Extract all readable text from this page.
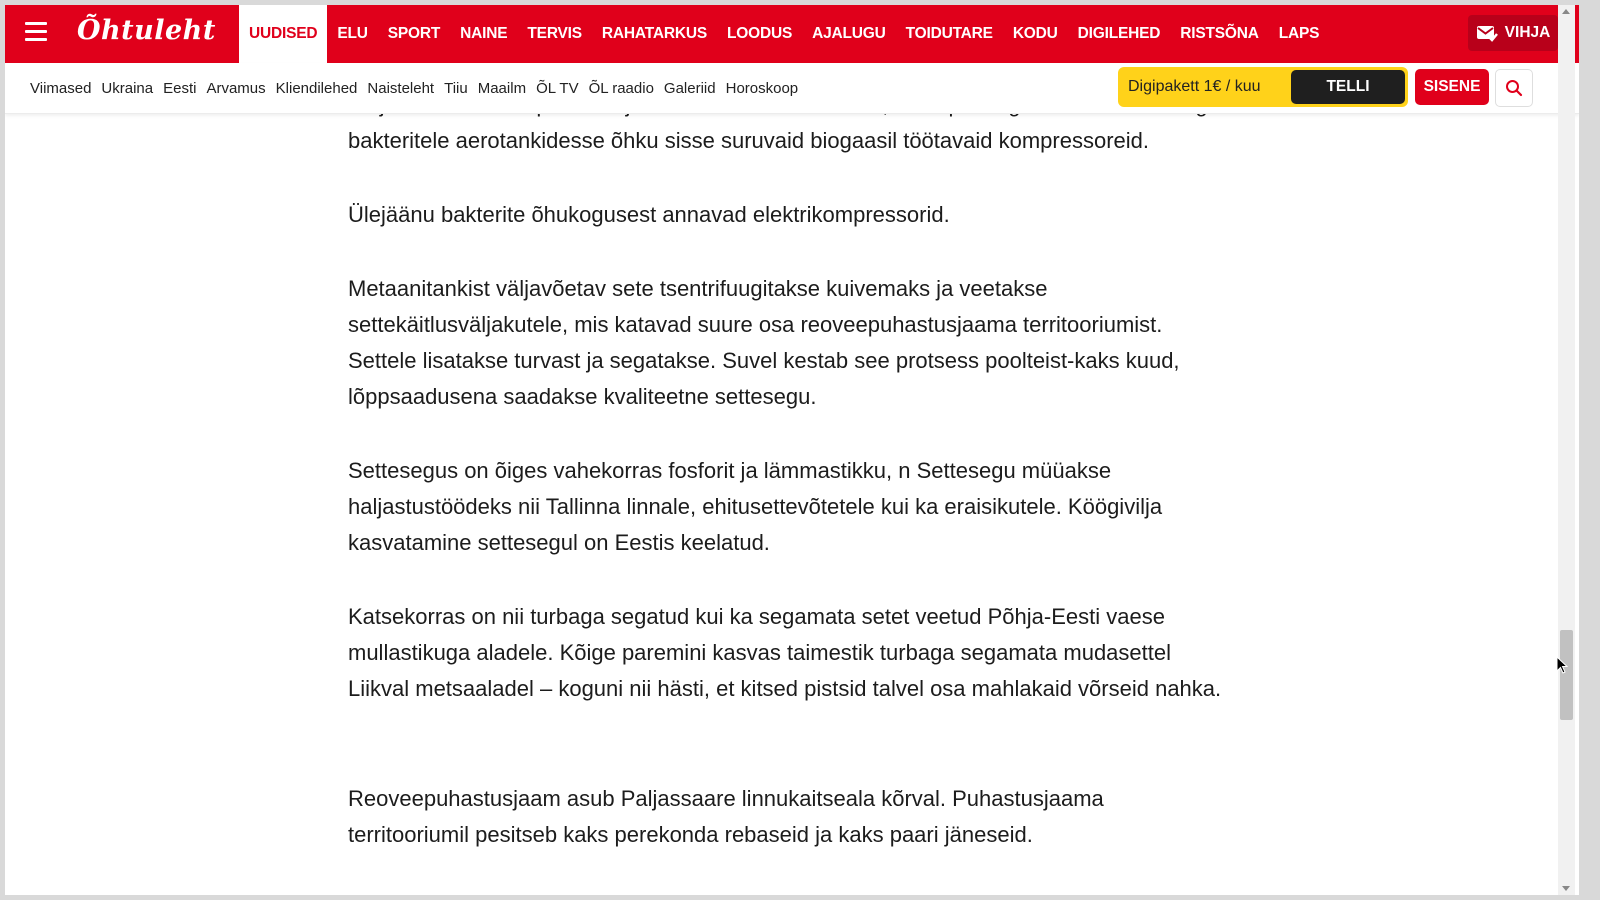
bakteritele aerotankidesse õhku sisse suruvaid biogaasil töötavaid kompressoreid.

Ülejäänu bakterite õhukogusest annavad elektrikompressorid.

Metaanitankist väljavõetav sete tsentrifuugitakse kuivemaks ja veetakse settekäitlusväljakutele, mis katavad suure osa reoveepuhastusjaama territooriumist. Settele lisatakse turvast ja segatakse. Suvel kestab see protsess poolteist-kaks kuud, lõppsaadusena saadakse kvaliteetne settesegu.

Settesegus on õiges vahekorras fosforit ja lämmastikku, n Settesegu müüakse haljastustöödeks nii Tallinna linnale, ehitusettevõtetele kui ka eraisikutele. Köögivilja kasvatamine settesegul on Eestis keelatud.

Katsekorras on nii turbaga segatud kui ka segamata setet veetud Põhja-Eesti vaese mullastikuga aladele. Kõige paremini kasvas taimestik turbaga segamata mudasettel Liikval metsaaladel – koguni nii hästi, et kitsed pistsid talvel osa mahlakaid võrseid nahka.

Reoveepuhastusjaam asub Paljassaare linnukaitseala kõrval. Puhastusjaama territooriumil pesitseb kaks perekonda rebaseid ja kaks paari jäneseid.

Õhtuleht	UUDISED	ELU	SPORT	NAINE	TERVIS	RAHATARKUS	LOODUS	AJALUGU	TOIDUTARE	KODU	DIGILEHED	RISTSÕNA	LAPS	VIHJA
Viimased Ukraina Eesti Arvamus Kliendilehed Naisteleht Tiiu Maailm ÕL TV ÕL raadio Galeriid Horoskoop	Digipakett 1€ / kuu	TELLI	SISENE
